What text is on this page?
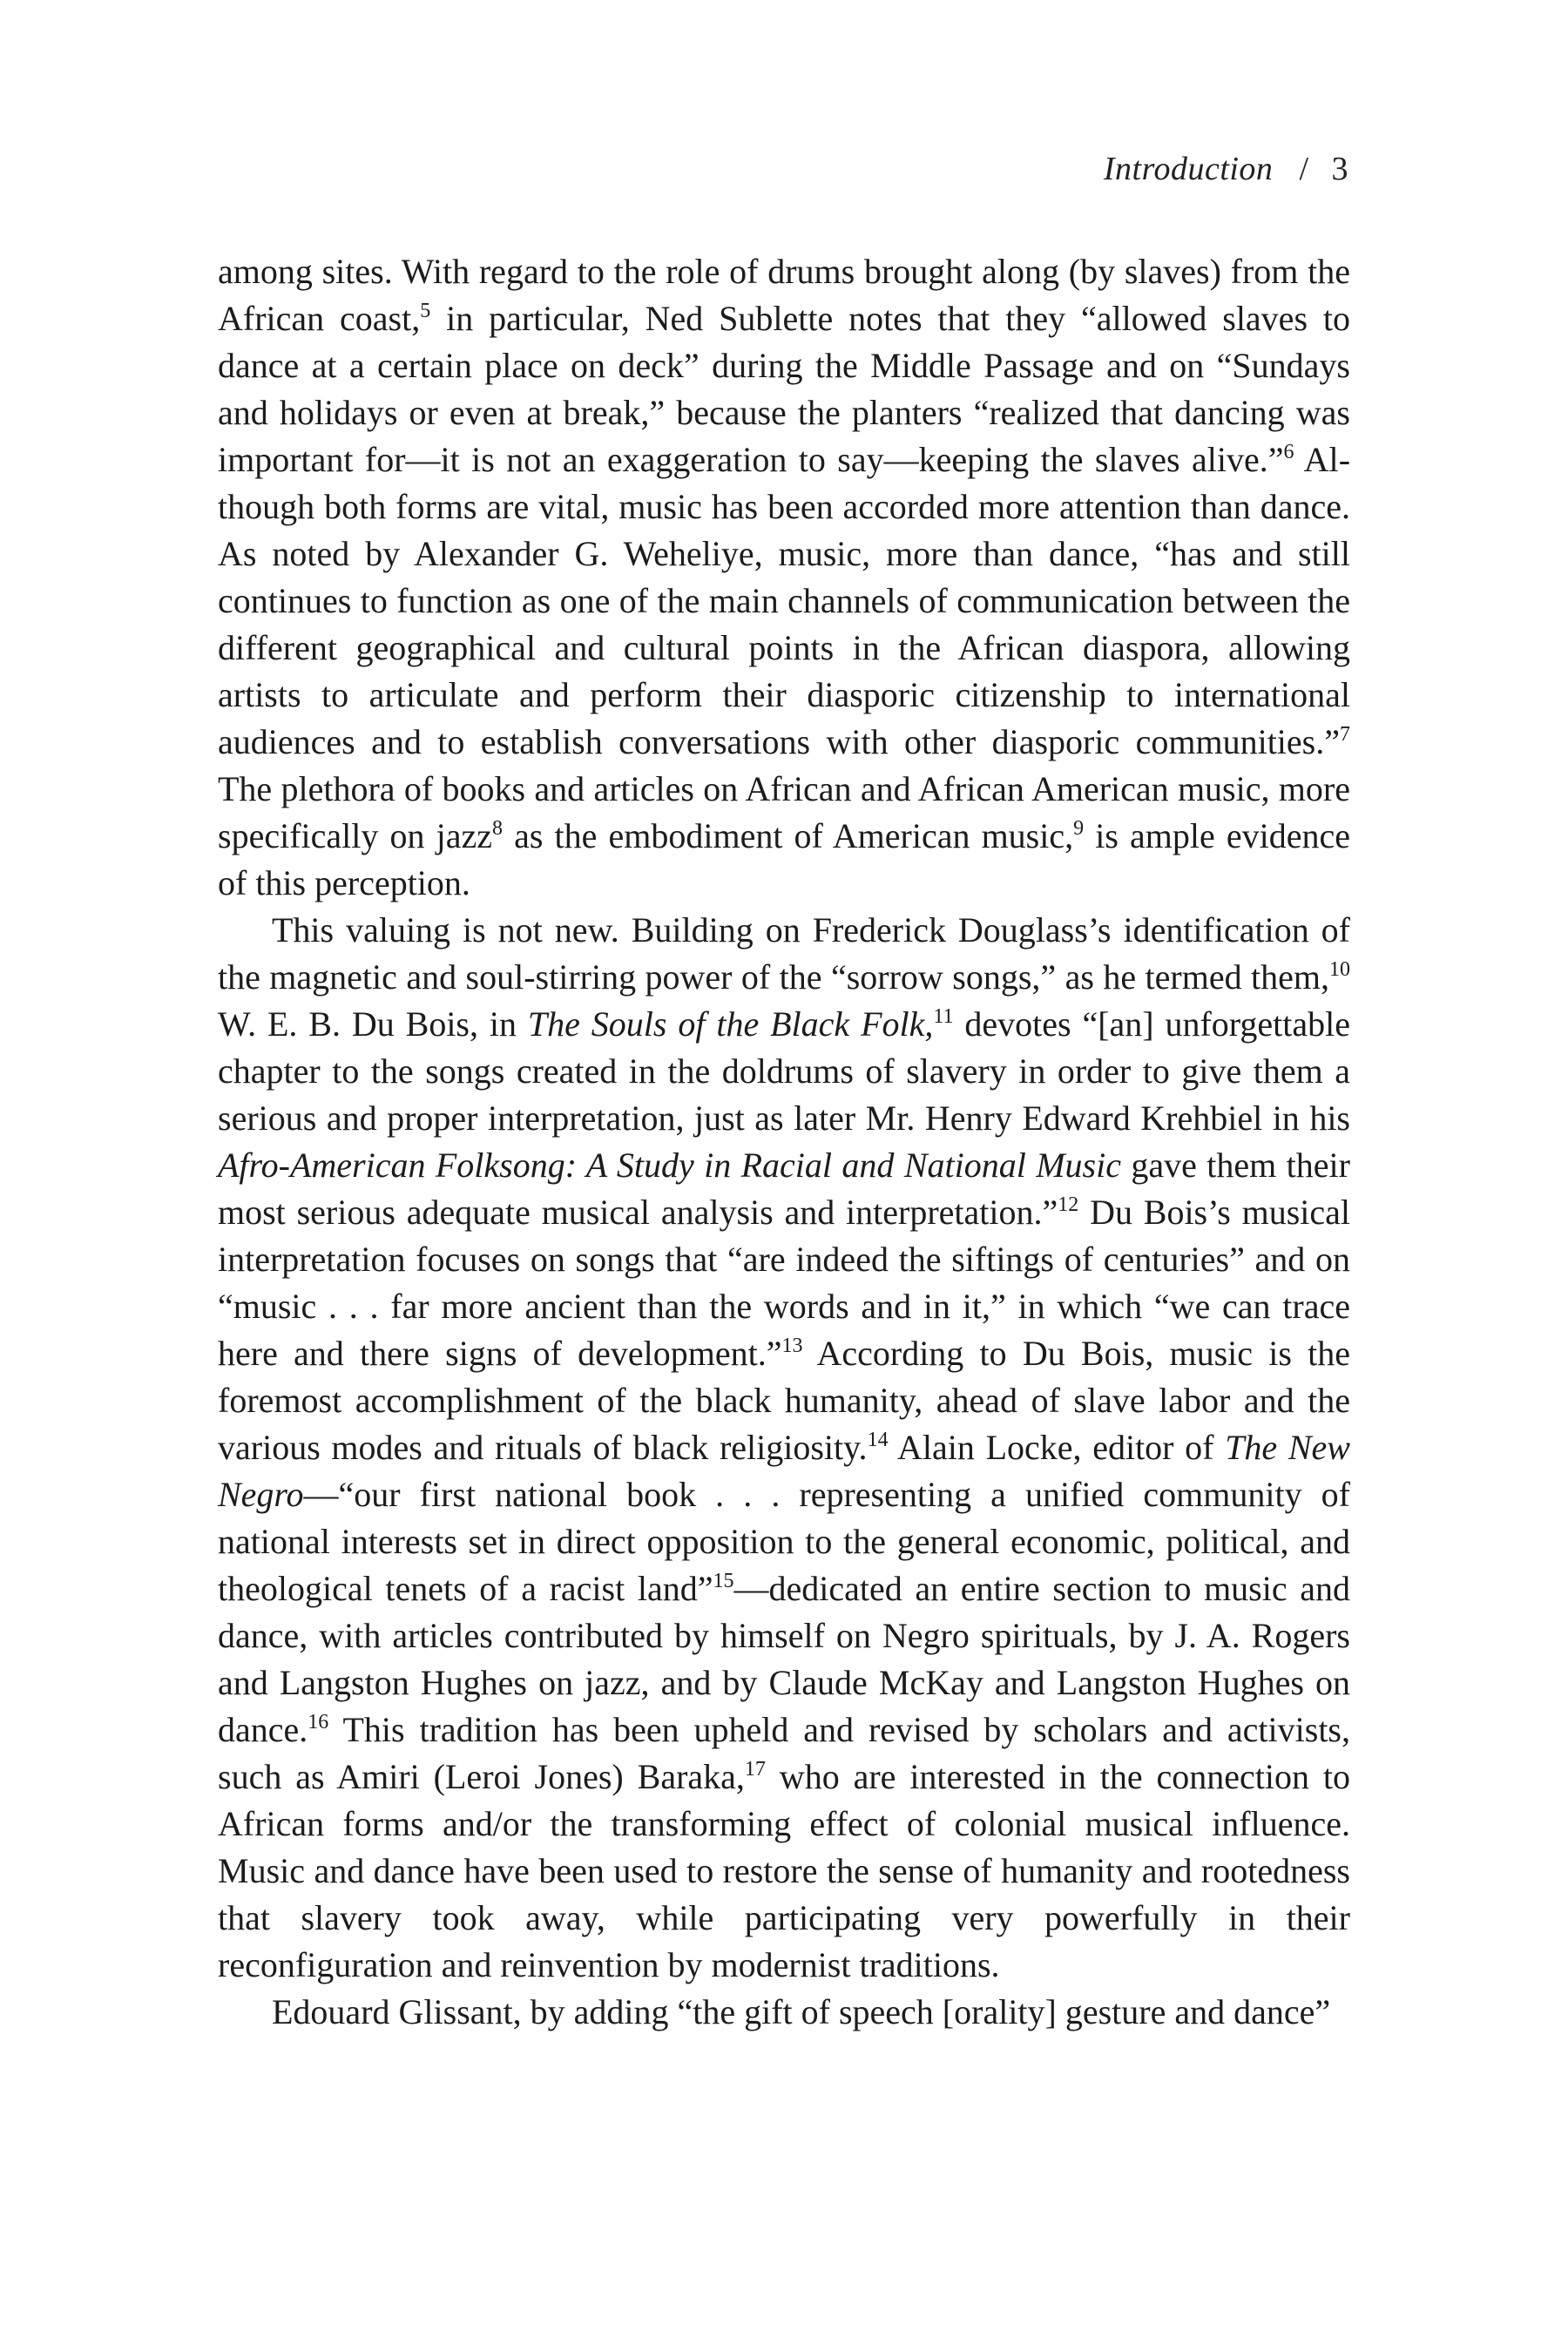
Introduction / 3

among sites. With regard to the role of drums brought along (by slaves) from the African coast,$^5$ in particular, Ned Sublette notes that they “allowed slaves to dance at a certain place on deck” during the Middle Passage and on “Sundays and holidays or even at break,” because the planters “realized that dancing was important for—it is not an exaggeration to say—keeping the slaves alive.”$^6$ Although both forms are vital, music has been accorded more attention than dance. As noted by Alexander G. Weheliye, music, more than dance, “has and still continues to function as one of the main channels of communication between the different geographical and cultural points in the African diaspora, allowing artists to articulate and perform their diasporic citizenship to international audiences and to establish conversations with other diasporic communities.”$^7$ The plethora of books and articles on African and African American music, more specifically on jazz$^8$ as the embodiment of American music,$^9$ is ample evidence of this perception.

This valuing is not new. Building on Frederick Douglass’s identification of the magnetic and soul-stirring power of the “sorrow songs,” as he termed them,$^{10}$ W. E. B. Du Bois, in The Souls of the Black Folk,$^{11}$ devotes “[an] unforgettable chapter to the songs created in the doldrums of slavery in order to give them a serious and proper interpretation, just as later Mr. Henry Edward Krehbiel in his Afro-American Folksong: A Study in Racial and National Music gave them their most serious adequate musical analysis and interpretation.”$^{12}$ Du Bois’s musical interpretation focuses on songs that “are indeed the siftings of centuries” and on “music . . . far more ancient than the words and in it,” in which “we can trace here and there signs of development.”$^{13}$ According to Du Bois, music is the foremost accomplishment of the black humanity, ahead of slave labor and the various modes and rituals of black religiosity.$^{14}$ Alain Locke, editor of The New Negro—“our first national book . . . representing a unified community of national interests set in direct opposition to the general economic, political, and theological tenets of a racist land”$^{15}$—dedicated an entire section to music and dance, with articles contributed by himself on Negro spirituals, by J. A. Rogers and Langston Hughes on jazz, and by Claude McKay and Langston Hughes on dance.$^{16}$ This tradition has been upheld and revised by scholars and activists, such as Amiri (Leroi Jones) Baraka,$^{17}$ who are interested in the connection to African forms and/or the transforming effect of colonial musical influence. Music and dance have been used to restore the sense of humanity and rootedness that slavery took away, while participating very powerfully in their reconfiguration and reinvention by modernist traditions.

Edouard Glissant, by adding “the gift of speech [orality] gesture and dance”
